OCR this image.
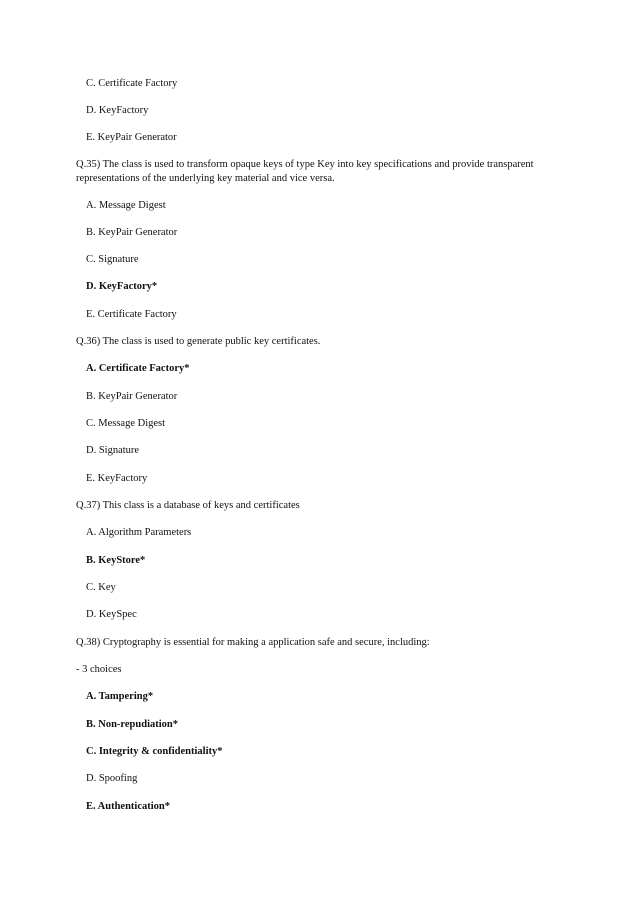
C. Certificate Factory
D. KeyFactory
E. KeyPair Generator
Q.35) The class is used to transform opaque keys of type Key into key specifications and provide transparent
representations of the underlying key material and vice versa.
A. Message Digest
B. KeyPair Generator
C. Signature
D. KeyFactory*
E. Certificate Factory
Q.36) The class is used to generate public key certificates.
A. Certificate Factory*
B. KeyPair Generator
C. Message Digest
D. Signature
E. KeyFactory
Q.37) This class is a database of keys and certificates
A. Algorithm Parameters
B. KeyStore*
C. Key
D. KeySpec
Q.38) Cryptography is essential for making a application safe and secure, including:
- 3 choices
A. Tampering*
B. Non-repudiation*
C. Integrity & confidentiality*
D. Spoofing
E. Authentication*
